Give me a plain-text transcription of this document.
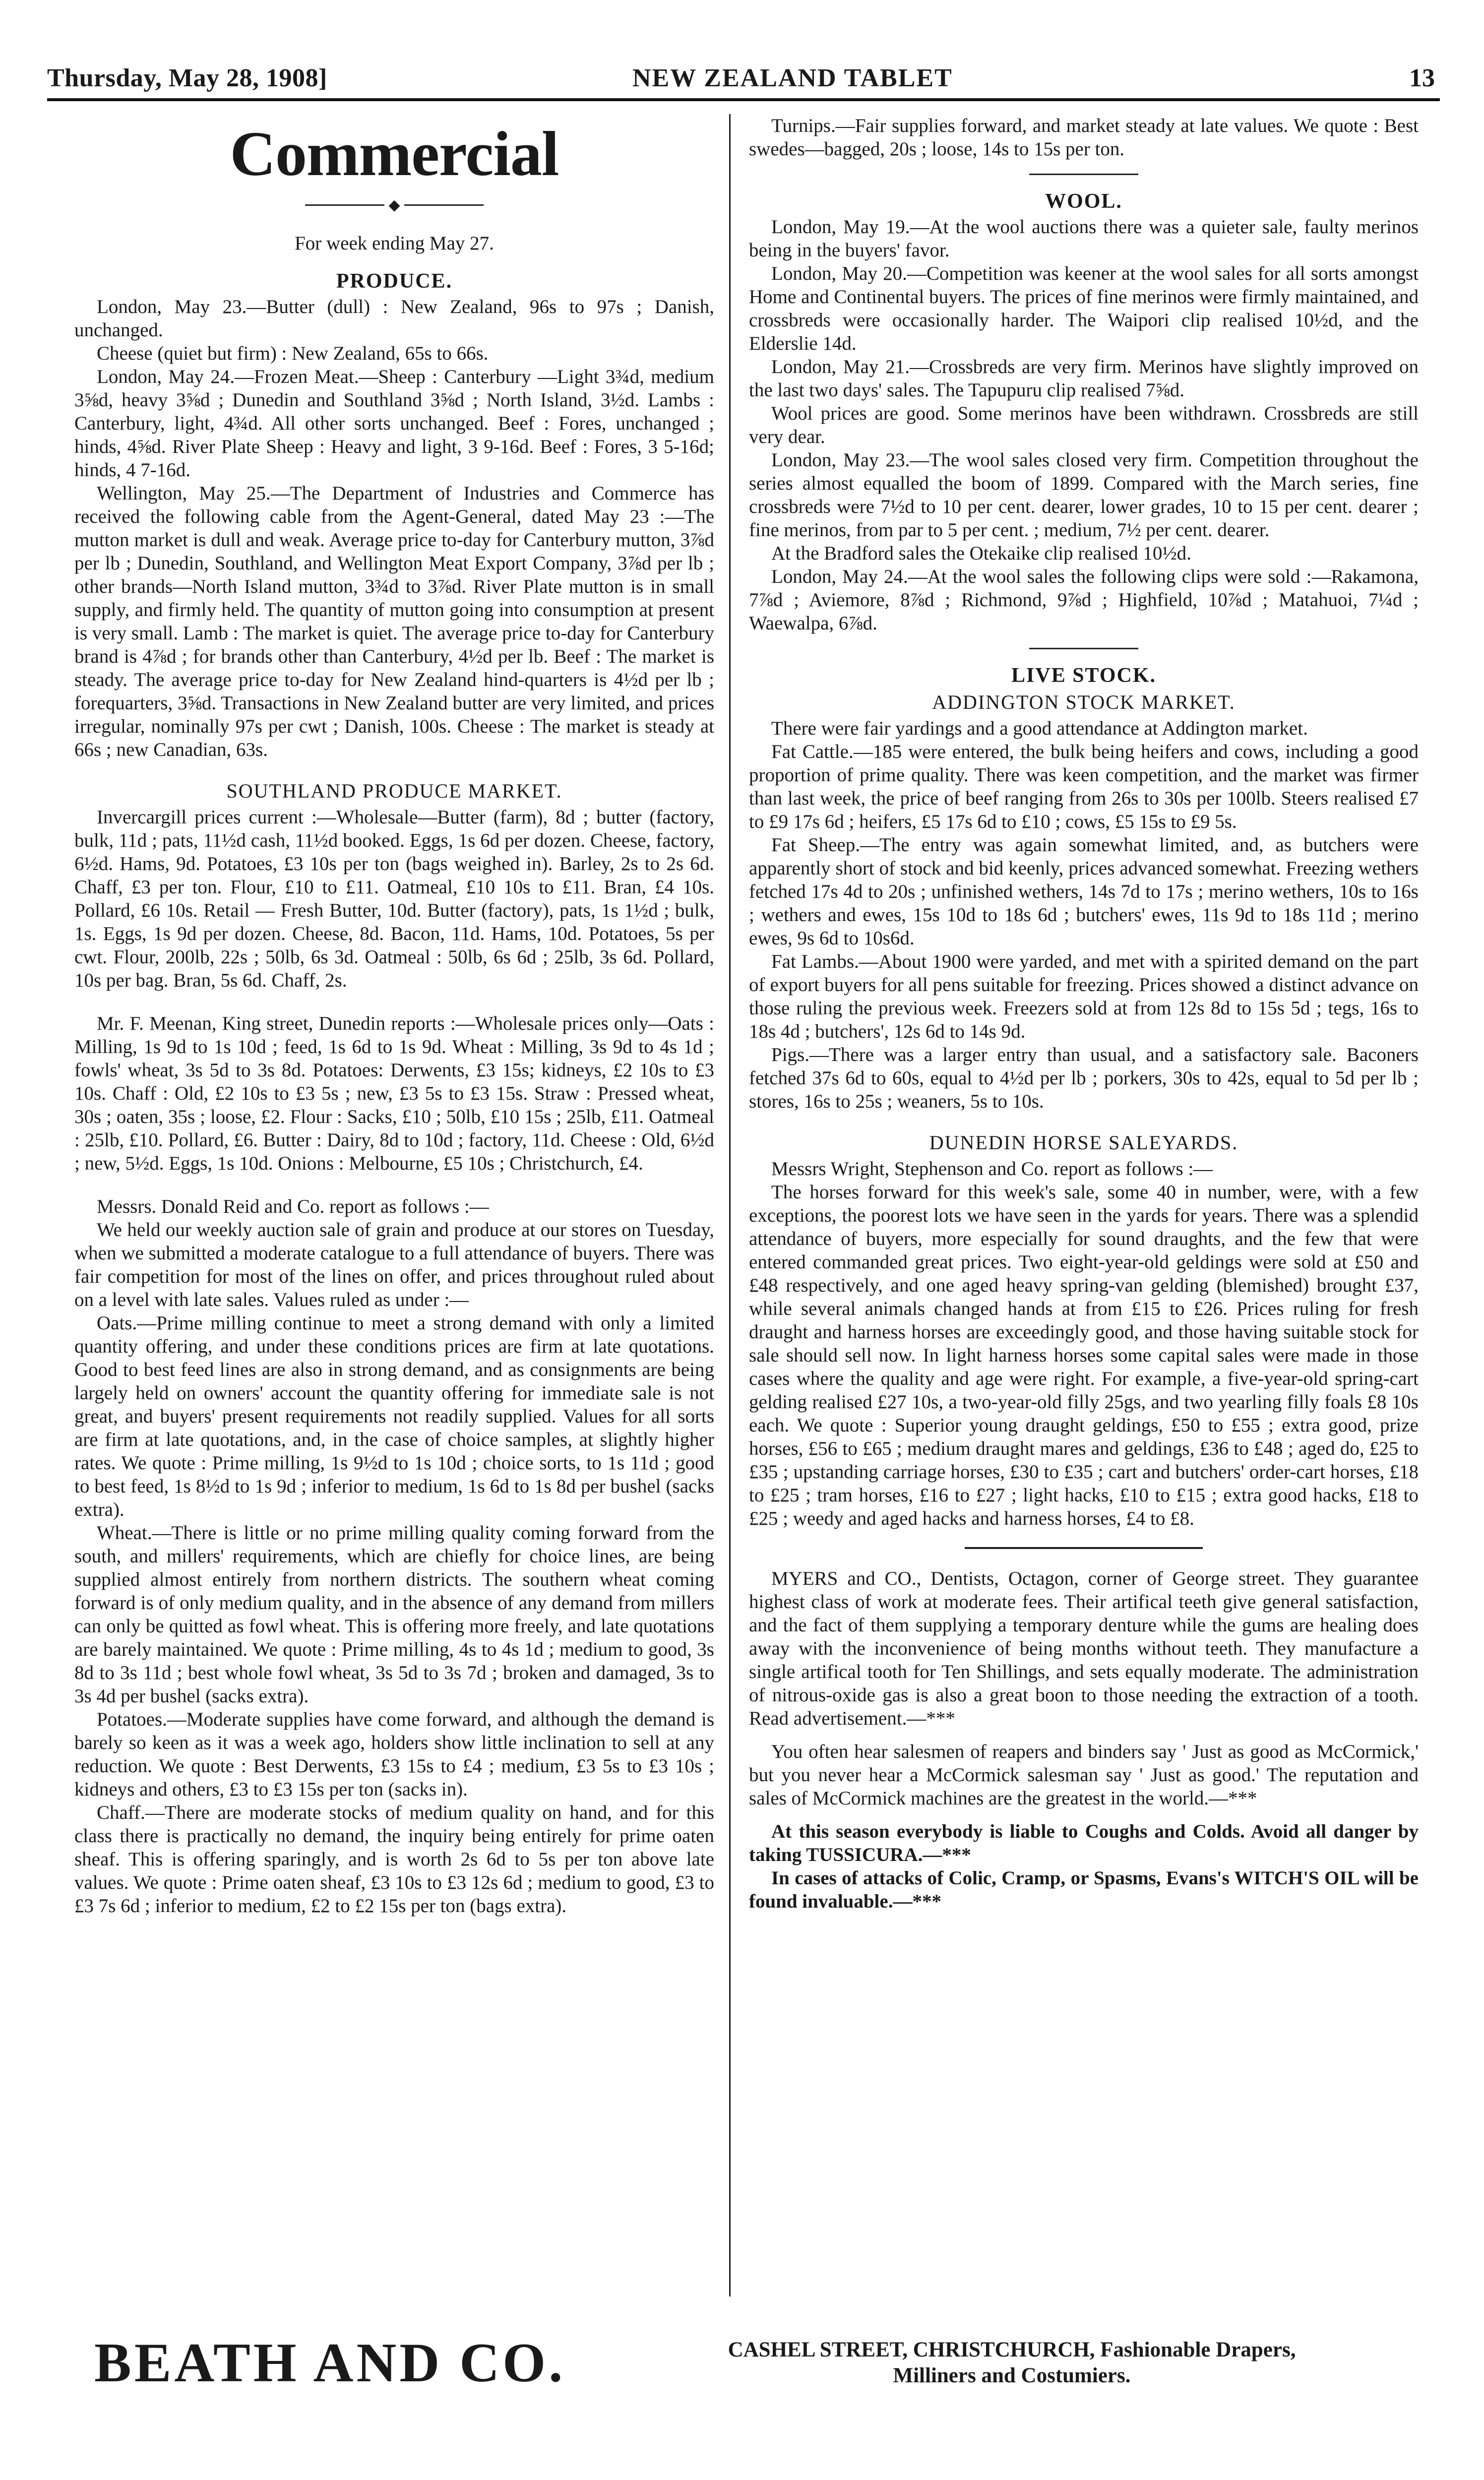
Thursday, May 28, 1908]	NEW ZEALAND TABLET	13
Commercial
◆
For week ending May 27.
PRODUCE.

London, May 23.—Butter (dull) : New Zealand, 96s to 97s ; Danish, unchanged.

Cheese (quiet but firm) : New Zealand, 65s to 66s.

London, May 24.—Frozen Meat.—Sheep : Canterbury —Light 3¾d, medium 3⅝d, heavy 3⅝d ; Dunedin and Southland 3⅝d ; North Island, 3½d. Lambs : Canterbury, light, 4¾d. All other sorts unchanged. Beef : Fores, unchanged ; hinds, 4⅝d. River Plate Sheep : Heavy and light, 3 9-16d. Beef : Fores, 3 5-16d; hinds, 4 7-16d.

Wellington, May 25.—The Department of Industries and Commerce has received the following cable from the Agent-General, dated May 23 :—The mutton market is dull and weak. Average price to-day for Canterbury mutton, 3⅞d per lb ; Dunedin, Southland, and Wellington Meat Export Company, 3⅞d per lb ; other brands—North Island mutton, 3¾d to 3⅞d. River Plate mutton is in small supply, and firmly held. The quantity of mutton going into consumption at present is very small. Lamb : The market is quiet. The average price to-day for Canterbury brand is 4⅞d ; for brands other than Canterbury, 4½d per lb. Beef : The market is steady. The average price to-day for New Zealand hind-quarters is 4½d per lb ; forequarters, 3⅝d. Transactions in New Zealand butter are very limited, and prices irregular, nominally 97s per cwt ; Danish, 100s. Cheese : The market is steady at 66s ; new Canadian, 63s.

SOUTHLAND PRODUCE MARKET.

Invercargill prices current :—Wholesale—Butter (farm), 8d ; butter (factory, bulk, 11d ; pats, 11½d cash, 11½d booked. Eggs, 1s 6d per dozen. Cheese, factory, 6½d. Hams, 9d. Potatoes, £3 10s per ton (bags weighed in). Barley, 2s to 2s 6d. Chaff, £3 per ton. Flour, £10 to £11. Oatmeal, £10 10s to £11. Bran, £4 10s. Pollard, £6 10s. Retail — Fresh Butter, 10d. Butter (factory), pats, 1s 1½d ; bulk, 1s. Eggs, 1s 9d per dozen. Cheese, 8d. Bacon, 11d. Hams, 10d. Potatoes, 5s per cwt. Flour, 200lb, 22s ; 50lb, 6s 3d. Oatmeal : 50lb, 6s 6d ; 25lb, 3s 6d. Pollard, 10s per bag. Bran, 5s 6d. Chaff, 2s.

Mr. F. Meenan, King street, Dunedin reports :—Wholesale prices only—Oats : Milling, 1s 9d to 1s 10d ; feed, 1s 6d to 1s 9d. Wheat : Milling, 3s 9d to 4s 1d ; fowls' wheat, 3s 5d to 3s 8d. Potatoes: Derwents, £3 15s; kidneys, £2 10s to £3 10s. Chaff : Old, £2 10s to £3 5s ; new, £3 5s to £3 15s. Straw : Pressed wheat, 30s ; oaten, 35s ; loose, £2. Flour : Sacks, £10 ; 50lb, £10 15s ; 25lb, £11. Oatmeal : 25lb, £10. Pollard, £6. Butter : Dairy, 8d to 10d ; factory, 11d. Cheese : Old, 6½d ; new, 5½d. Eggs, 1s 10d. Onions : Melbourne, £5 10s ; Christchurch, £4.

Messrs. Donald Reid and Co. report as follows :—

We held our weekly auction sale of grain and produce at our stores on Tuesday, when we submitted a moderate catalogue to a full attendance of buyers. There was fair competition for most of the lines on offer, and prices throughout ruled about on a level with late sales. Values ruled as under :—

Oats.—Prime milling continue to meet a strong demand with only a limited quantity offering, and under these conditions prices are firm at late quotations. Good to best feed lines are also in strong demand, and as consignments are being largely held on owners' account the quantity offering for immediate sale is not great, and buyers' present requirements not readily supplied. Values for all sorts are firm at late quotations, and, in the case of choice samples, at slightly higher rates. We quote : Prime milling, 1s 9½d to 1s 10d ; choice sorts, to 1s 11d ; good to best feed, 1s 8½d to 1s 9d ; inferior to medium, 1s 6d to 1s 8d per bushel (sacks extra).

Wheat.—There is little or no prime milling quality coming forward from the south, and millers' requirements, which are chiefly for choice lines, are being supplied almost entirely from northern districts. The southern wheat coming forward is of only medium quality, and in the absence of any demand from millers can only be quitted as fowl wheat. This is offering more freely, and late quotations are barely maintained. We quote : Prime milling, 4s to 4s 1d ; medium to good, 3s 8d to 3s 11d ; best whole fowl wheat, 3s 5d to 3s 7d ; broken and damaged, 3s to 3s 4d per bushel (sacks extra).

Potatoes.—Moderate supplies have come forward, and although the demand is barely so keen as it was a week ago, holders show little inclination to sell at any reduction. We quote : Best Derwents, £3 15s to £4 ; medium, £3 5s to £3 10s ; kidneys and others, £3 to £3 15s per ton (sacks in).

Chaff.—There are moderate stocks of medium quality on hand, and for this class there is practically no demand, the inquiry being entirely for prime oaten sheaf. This is offering sparingly, and is worth 2s 6d to 5s per ton above late values. We quote : Prime oaten sheaf, £3 10s to £3 12s 6d ; medium to good, £3 to £3 7s 6d ; inferior to medium, £2 to £2 15s per ton (bags extra).

Turnips.—Fair supplies forward, and market steady at late values. We quote : Best swedes—bagged, 20s ; loose, 14s to 15s per ton.

WOOL.

London, May 19.—At the wool auctions there was a quieter sale, faulty merinos being in the buyers' favor.

London, May 20.—Competition was keener at the wool sales for all sorts amongst Home and Continental buyers. The prices of fine merinos were firmly maintained, and crossbreds were occasionally harder. The Waipori clip realised 10½d, and the Elderslie 14d.

London, May 21.—Crossbreds are very firm. Merinos have slightly improved on the last two days' sales. The Tapupuru clip realised 7⅝d.

Wool prices are good. Some merinos have been withdrawn. Crossbreds are still very dear.

London, May 23.—The wool sales closed very firm. Competition throughout the series almost equalled the boom of 1899. Compared with the March series, fine crossbreds were 7½d to 10 per cent. dearer, lower grades, 10 to 15 per cent. dearer ; fine merinos, from par to 5 per cent. ; medium, 7½ per cent. dearer.

At the Bradford sales the Otekaike clip realised 10½d.

London, May 24.—At the wool sales the following clips were sold :—Rakamona, 7⅞d ; Aviemore, 8⅞d ; Richmond, 9⅞d ; Highfield, 10⅞d ; Matahuoi, 7¼d ; Waewalpa, 6⅞d.

LIVE STOCK.
ADDINGTON STOCK MARKET.

There were fair yardings and a good attendance at Addington market.

Fat Cattle.—185 were entered, the bulk being heifers and cows, including a good proportion of prime quality. There was keen competition, and the market was firmer than last week, the price of beef ranging from 26s to 30s per 100lb. Steers realised £7 to £9 17s 6d ; heifers, £5 17s 6d to £10 ; cows, £5 15s to £9 5s.

Fat Sheep.—The entry was again somewhat limited, and, as butchers were apparently short of stock and bid keenly, prices advanced somewhat. Freezing wethers fetched 17s 4d to 20s ; unfinished wethers, 14s 7d to 17s ; merino wethers, 10s to 16s ; wethers and ewes, 15s 10d to 18s 6d ; butchers' ewes, 11s 9d to 18s 11d ; merino ewes, 9s 6d to 10s6d.

Fat Lambs.—About 1900 were yarded, and met with a spirited demand on the part of export buyers for all pens suitable for freezing. Prices showed a distinct advance on those ruling the previous week. Freezers sold at from 12s 8d to 15s 5d ; tegs, 16s to 18s 4d ; butchers', 12s 6d to 14s 9d.

Pigs.—There was a larger entry than usual, and a satisfactory sale. Baconers fetched 37s 6d to 60s, equal to 4½d per lb ; porkers, 30s to 42s, equal to 5d per lb ; stores, 16s to 25s ; weaners, 5s to 10s.

DUNEDIN HORSE SALEYARDS.

Messrs Wright, Stephenson and Co. report as follows :—

The horses forward for this week's sale, some 40 in number, were, with a few exceptions, the poorest lots we have seen in the yards for years. There was a splendid attendance of buyers, more especially for sound draughts, and the few that were entered commanded great prices. Two eight-year-old geldings were sold at £50 and £48 respectively, and one aged heavy spring-van gelding (blemished) brought £37, while several animals changed hands at from £15 to £26. Prices ruling for fresh draught and harness horses are exceedingly good, and those having suitable stock for sale should sell now. In light harness horses some capital sales were made in those cases where the quality and age were right. For example, a five-year-old spring-cart gelding realised £27 10s, a two-year-old filly 25gs, and two yearling filly foals £8 10s each. We quote : Superior young draught geldings, £50 to £55 ; extra good, prize horses, £56 to £65 ; medium draught mares and geldings, £36 to £48 ; aged do, £25 to £35 ; upstanding carriage horses, £30 to £35 ; cart and butchers' order-cart horses, £18 to £25 ; tram horses, £16 to £27 ; light hacks, £10 to £15 ; extra good hacks, £18 to £25 ; weedy and aged hacks and harness horses, £4 to £8.

MYERS and CO., Dentists, Octagon, corner of George street. They guarantee highest class of work at moderate fees. Their artifical teeth give general satisfaction, and the fact of them supplying a temporary denture while the gums are healing does away with the inconvenience of being months without teeth. They manufacture a single artifical tooth for Ten Shillings, and sets equally moderate. The administration of nitrous-oxide gas is also a great boon to those needing the extraction of a tooth. Read advertisement.—***

You often hear salesmen of reapers and binders say ' Just as good as McCormick,' but you never hear a McCormick salesman say ' Just as good.' The reputation and sales of McCormick machines are the greatest in the world.—***

At this season everybody is liable to Coughs and Colds. Avoid all danger by taking TUSSICURA.—***

In cases of attacks of Colic, Cramp, or Spasms, Evans's WITCH'S OIL will be found invaluable.—***

BEATH AND CO.	CASHEL STREET, CHRISTCHURCH, Fashionable Drapers,
Milliners and Costumiers.
